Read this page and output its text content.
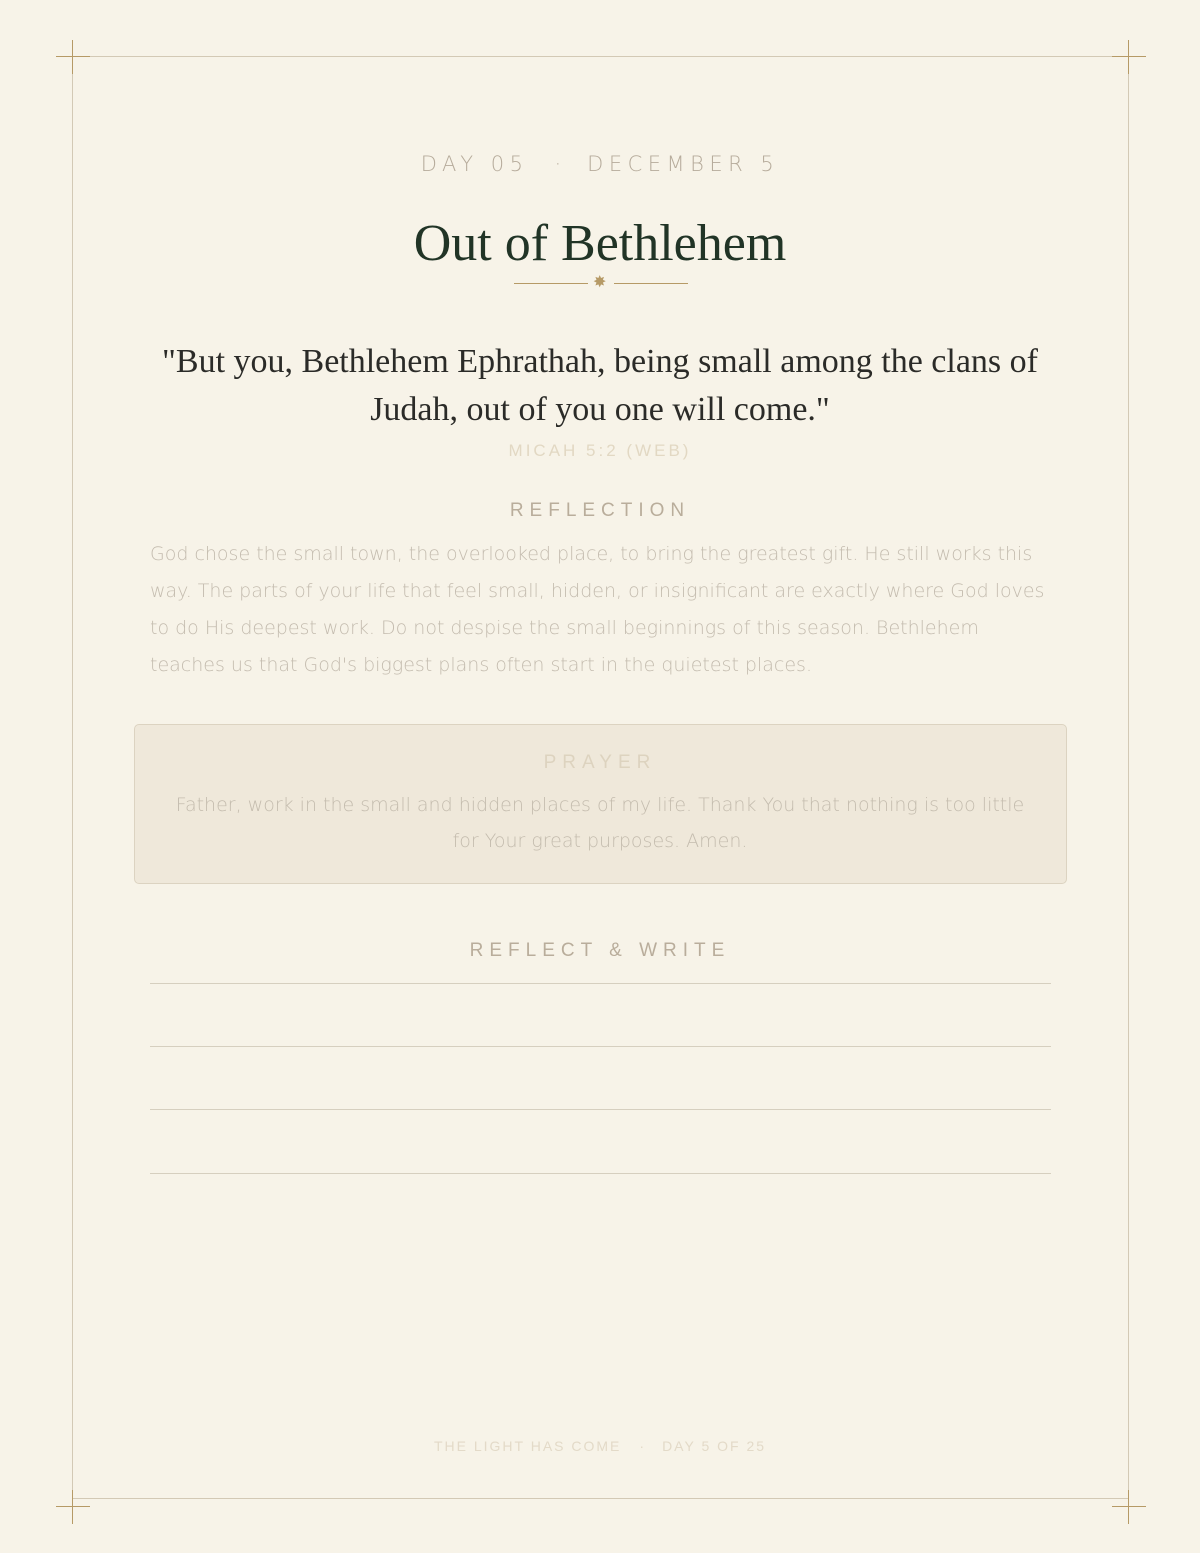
DAY 05 · DECEMBER 5
Out of Bethlehem
✸
"But you, Bethlehem Ephrathah, being small among the clans of Judah, out of you one will come."
MICAH 5:2 (WEB)
REFLECTION
God chose the small town, the overlooked place, to bring the greatest gift. He still works this way. The parts of your life that feel small, hidden, or insignificant are exactly where God loves to do His deepest work. Do not despise the small beginnings of this season. Bethlehem teaches us that God's biggest plans often start in the quietest places.
PRAYER
Father, work in the small and hidden places of my life. Thank You that nothing is too little for Your great purposes. Amen.
REFLECT & WRITE
THE LIGHT HAS COME · DAY 5 OF 25
